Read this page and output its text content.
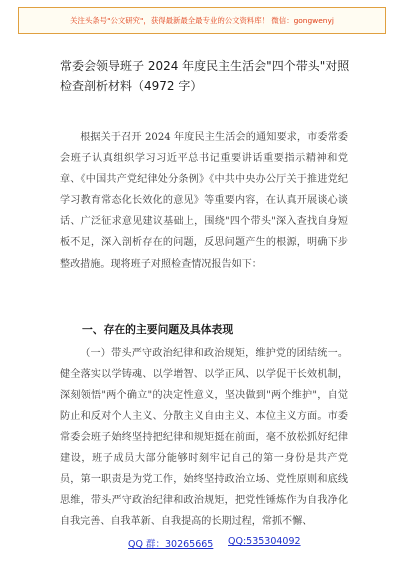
关注头条号"公文研究"，获得最新最全最专业的公文资料库！ 微信：gongwenyj
常委会领导班子 2024 年度民主生活会"四个带头"对照检查剖析材料（4972 字）

根据关于召开 2024 年度民主生活会的通知要求，市委常委会班子认真组织学习习近平总书记重要讲话重要指示精神和党章、《中国共产党纪律处分条例》《中共中央办公厅关于推进党纪学习教育常态化长效化的意见》等重要内容，在认真开展谈心谈话、广泛征求意见建议基础上，围绕"四个带头"深入查找自身短板不足，深入剖析存在的问题，反思问题产生的根源，明确下步整改措施。现将班子对照检查情况报告如下：

一、存在的主要问题及具体表现

（一）带头严守政治纪律和政治规矩，维护党的团结统一。健全落实以学铸魂、以学增智、以学正风、以学促干长效机制，深刻领悟"两个确立"的决定性意义，坚决做到"两个维护"，自觉防止和反对个人主义、分散主义自由主义、本位主义方面。市委常委会班子始终坚持把纪律和规矩挺在前面，毫不放松抓好纪律建设，班子成员大部分能够时刻牢记自己的第一身份是共产党员，第一职责是为党工作，始终坚持政治立场、党性原则和底线思维，带头严守政治纪律和政治规矩，把党性锤炼作为自我净化自我完善、自我革新、自我提高的长期过程，常抓不懈、

QQ 群：30265665 QQ:535304092
